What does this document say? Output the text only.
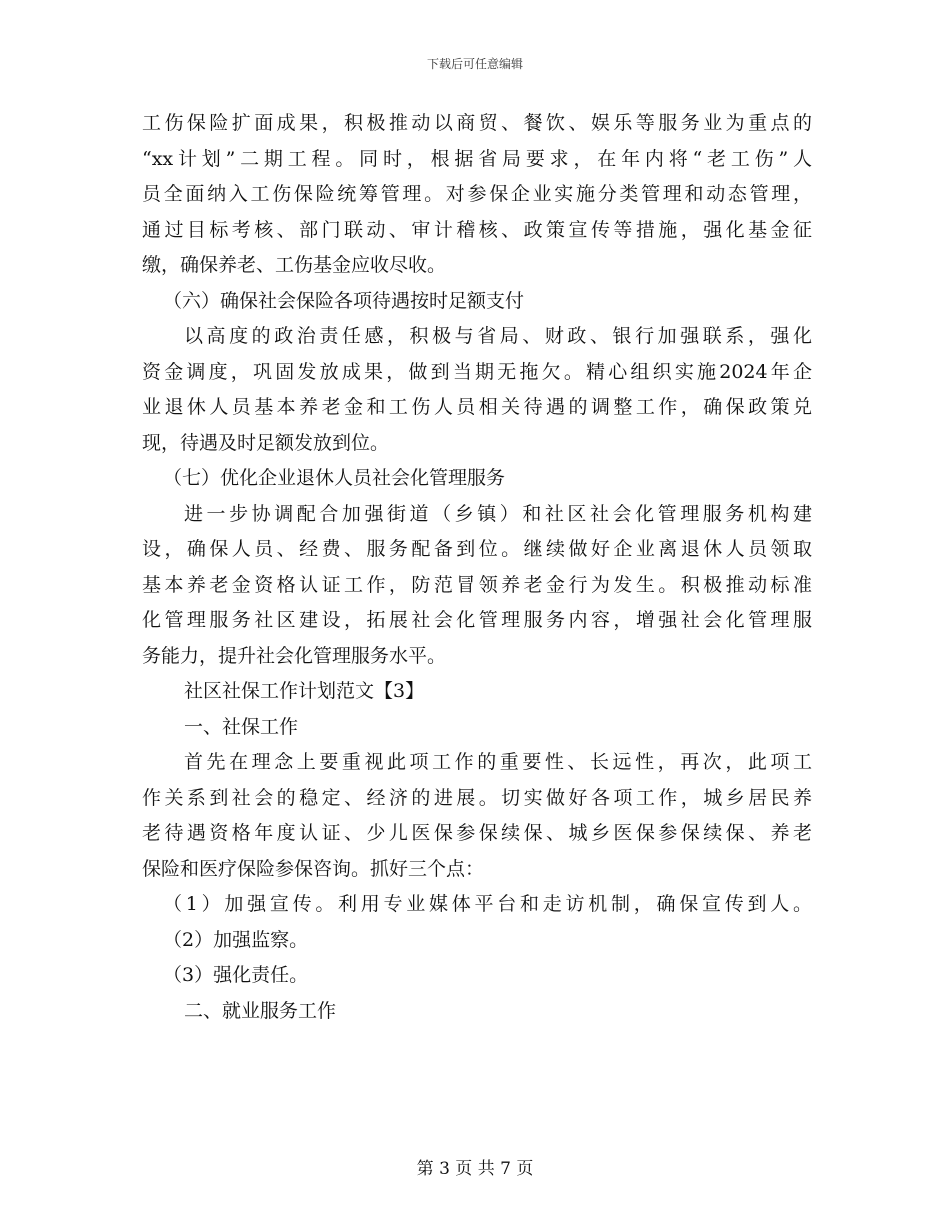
下载后可任意编辑
工伤保险扩面成果，积极推动以商贸、餐饮、娱乐等服务业为重点的
“xx计划”二期工程。同时，根据省局要求，在年内将“老工伤”人
员全面纳入工伤保险统筹管理。对参保企业实施分类管理和动态管理，
通过目标考核、部门联动、审计稽核、政策宣传等措施，强化基金征
缴，确保养老、工伤基金应收尽收。
（六）确保社会保险各项待遇按时足额支付
以高度的政治责任感，积极与省局、财政、银行加强联系，强化
资金调度，巩固发放成果，做到当期无拖欠。精心组织实施2024年企
业退休人员基本养老金和工伤人员相关待遇的调整工作，确保政策兑
现，待遇及时足额发放到位。
（七）优化企业退休人员社会化管理服务
进一步协调配合加强街道（乡镇）和社区社会化管理服务机构建
设，确保人员、经费、服务配备到位。继续做好企业离退休人员领取
基本养老金资格认证工作，防范冒领养老金行为发生。积极推动标准
化管理服务社区建设，拓展社会化管理服务内容，增强社会化管理服
务能力，提升社会化管理服务水平。
社区社保工作计划范文【3】
一、社保工作
首先在理念上要重视此项工作的重要性、长远性，再次，此项工
作关系到社会的稳定、经济的进展。切实做好各项工作，城乡居民养
老待遇资格年度认证、少儿医保参保续保、城乡医保参保续保、养老
保险和医疗保险参保咨询。抓好三个点：
（1）加强宣传。利用专业媒体平台和走访机制，确保宣传到人。
（2）加强监察。
（3）强化责任。
二、就业服务工作
第 3 页 共 7 页
